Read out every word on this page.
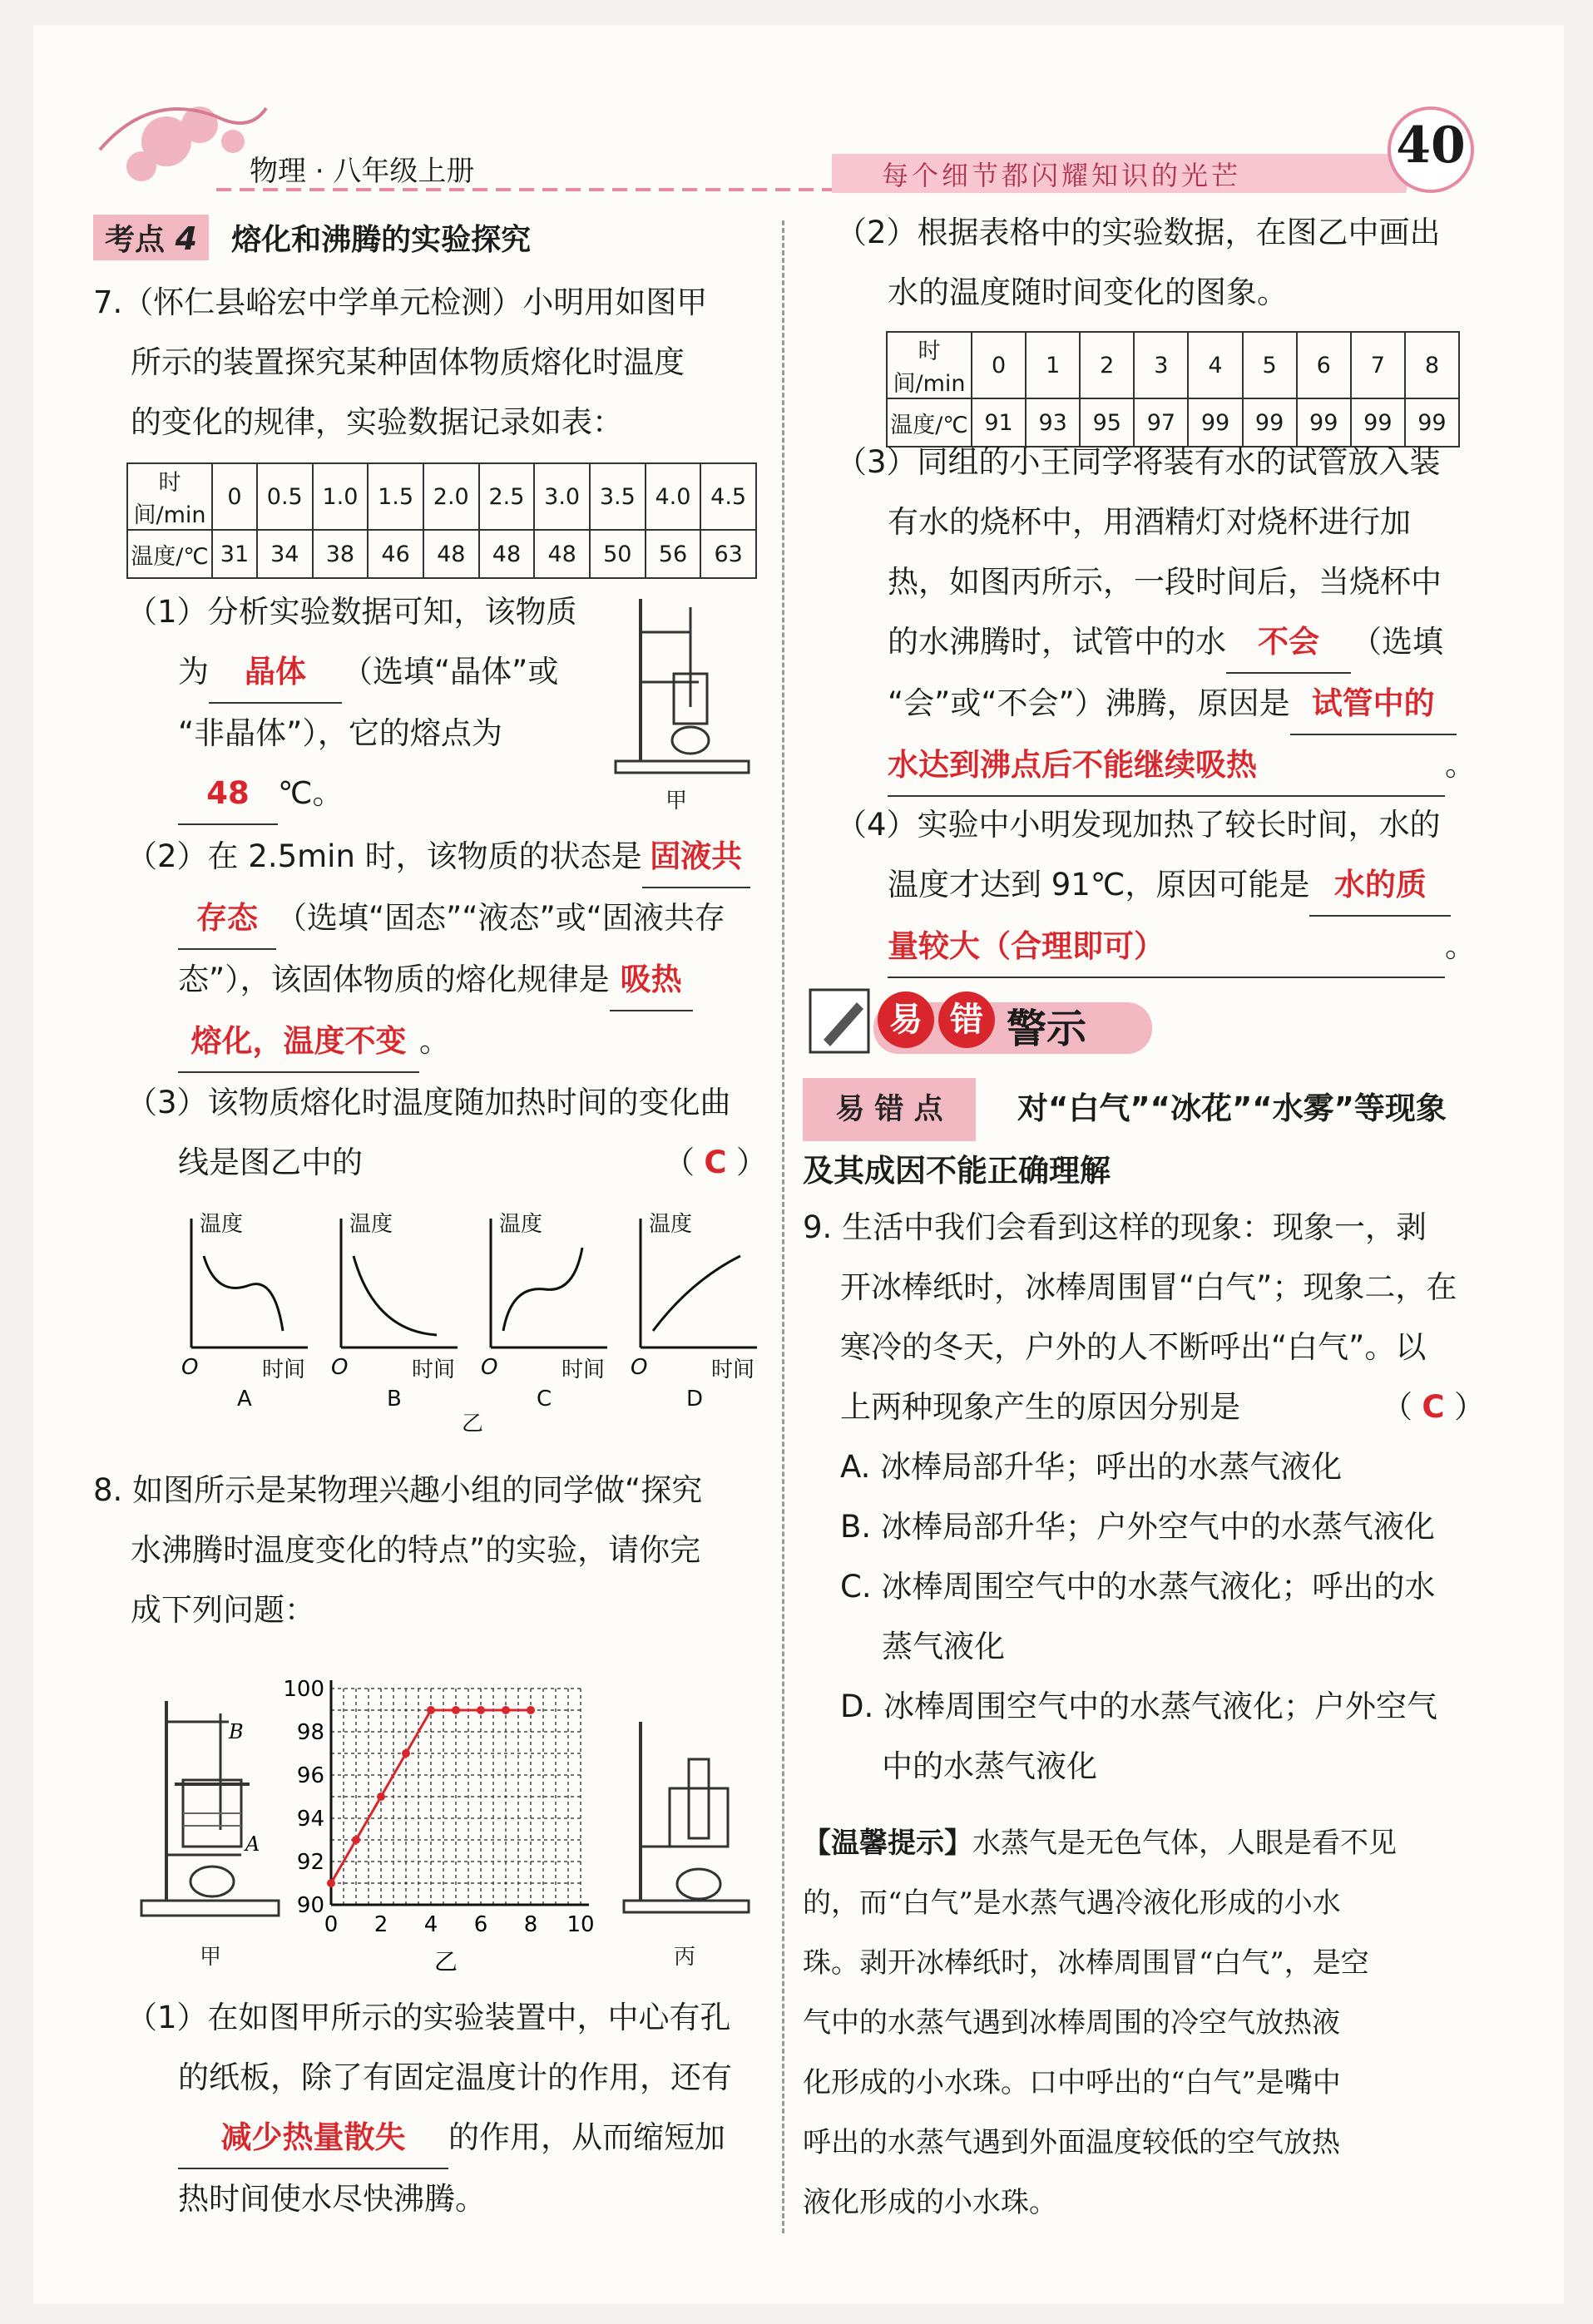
物理 · 八年级上册	每个细节都闪耀知识的光芒
40
考点 4 熔化和沸腾的实验探究
7.（怀仁县峪宏中学单元检测）小明用如图甲
所示的装置探究某种固体物质熔化时温度
的变化的规律，实验数据记录如表：
时间/min	0	0.5	1.0	1.5	2.0	2.5	3.0	3.5	4.0	4.5
温度/℃	31	34	38	46	48	48	48	50	56	63
（1）分析实验数据可知，该物质
为 晶体 （选填“晶体”或
“非晶体”），它的熔点为
48 ℃。	甲
（2）在 2.5min 时，该物质的状态是 固液共
存态 （选填“固态”“液态”或“固液共存
态”），该固体物质的熔化规律是 吸热
熔化，温度不变 。
（3）该物质熔化时温度随加热时间的变化曲
线是图乙中的	（ C ）
温度
时间
O
A
温度
时间
O
B
温度
时间
O
C
温度
时间
O
D
乙
8. 如图所示是某物理兴趣小组的同学做“探究
水沸腾时温度变化的特点”的实验，请你完
成下列问题：
B
A
甲
90
92
94
96
98
100
0 2 4 6 8 10
乙	丙
（1）在如图甲所示的实验装置中，中心有孔
的纸板，除了有固定温度计的作用，还有
减少热量散失 的作用，从而缩短加
热时间使水尽快沸腾。
（2）根据表格中的实验数据，在图乙中画出
水的温度随时间变化的图象。
时间/min	0	1	2	3	4	5	6	7	8
温度/℃	91	93	95	97	99	99	99	99	99
（3）同组的小王同学将装有水的试管放入装
有水的烧杯中，用酒精灯对烧杯进行加
热，如图丙所示，一段时间后，当烧杯中
的水沸腾时，试管中的水 不会 （选填
“会”或“不会”）沸腾，原因是 试管中的
水达到沸点后不能继续吸热	。
（4）实验中小明发现加热了较长时间，水的
温度才达到 91℃，原因可能是 水的质
量较大（合理即可）	。
易 错 警示
易 错 点 对“白气”“冰花”“水雾”等现象
及其成因不能正确理解
9. 生活中我们会看到这样的现象：现象一，剥
开冰棒纸时，冰棒周围冒“白气”；现象二，在
寒冷的冬天，户外的人不断呼出“白气”。以
上两种现象产生的原因分别是	（ C ）
A. 冰棒局部升华；呼出的水蒸气液化
B. 冰棒局部升华；户外空气中的水蒸气液化
C. 冰棒周围空气中的水蒸气液化；呼出的水
蒸气液化
D. 冰棒周围空气中的水蒸气液化；户外空气
中的水蒸气液化
【温馨提示】水蒸气是无色气体，人眼是看不见
的，而“白气”是水蒸气遇冷液化形成的小水
珠。剥开冰棒纸时，冰棒周围冒“白气”，是空
气中的水蒸气遇到冰棒周围的冷空气放热液
化形成的小水珠。口中呼出的“白气”是嘴中
呼出的水蒸气遇到外面温度较低的空气放热
液化形成的小水珠。
